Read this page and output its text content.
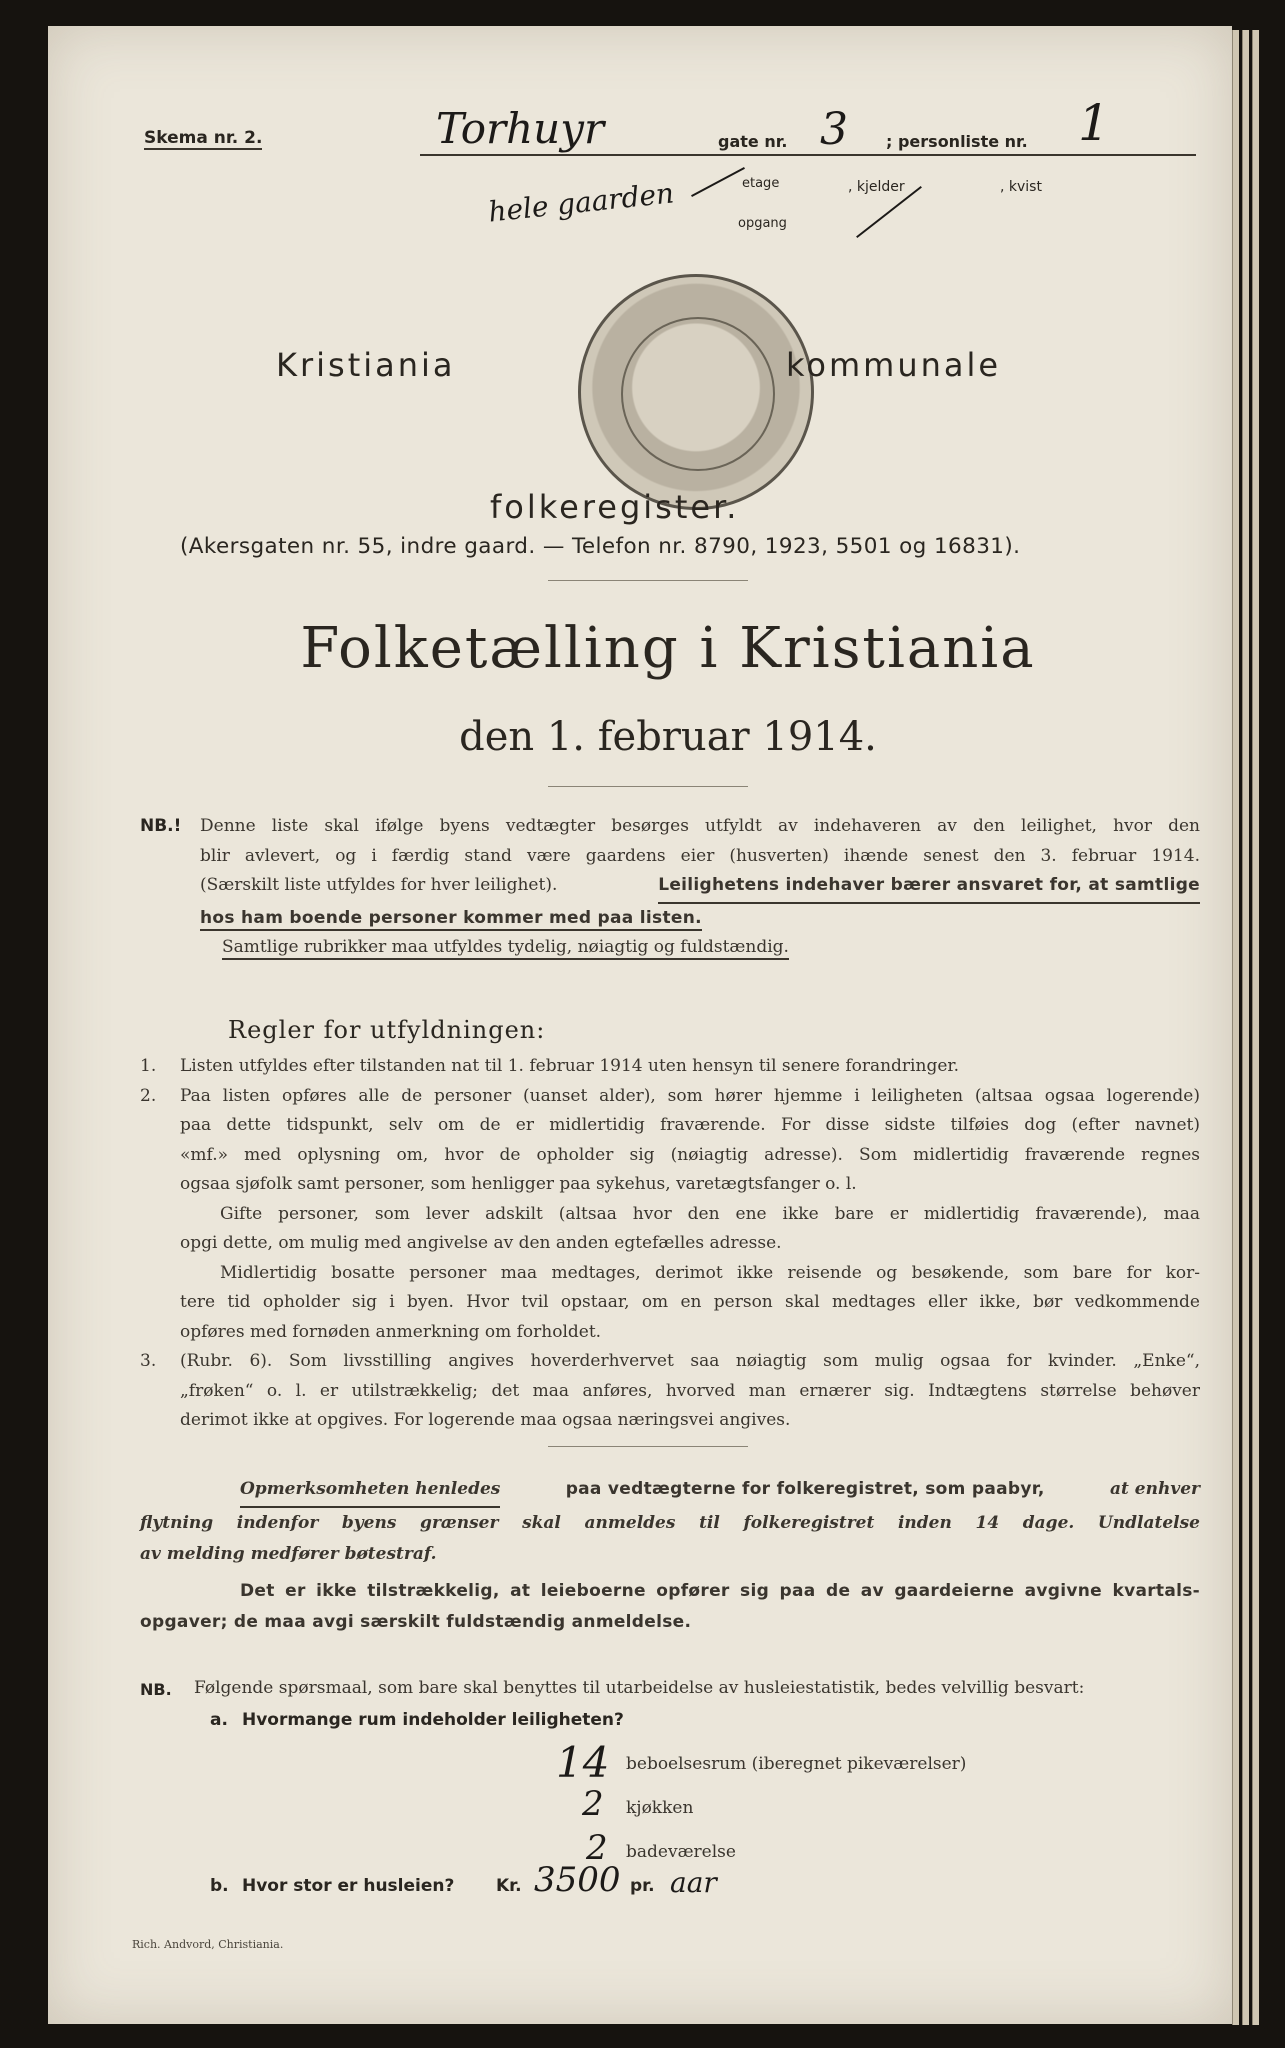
Skema nr. 2.	Torhuyr	gate nr. 3 ; personliste nr. 1
hele gaarden	etage
opgang
, kjelder	, kvist
Kristiania	kommunale
folkeregister.
(Akersgaten nr. 55, indre gaard. — Telefon nr. 8790, 1923, 5501 og 16831).
Folketælling i Kristiania
den 1. februar 1914.
NB.! Denne liste skal ifølge byens vedtægter besørges utfyldt av indehaveren av den leilighet, hvor den
blir avlevert, og i færdig stand være gaardens eier (husverten) ihænde senest den 3. februar 1914.
(Særskilt liste utfyldes for hver leilighet).	Leilighetens indehaver bærer ansvaret for, at samtlige
hos ham boende personer kommer med paa listen.
Samtlige rubrikker maa utfyldes tydelig, nøiagtig og fuldstændig.
Regler for utfyldningen:
1.	Listen utfyldes efter tilstanden nat til 1. februar 1914 uten hensyn til senere forandringer.
2.	Paa listen opføres alle de personer (uanset alder), som hører hjemme i leiligheten (altsaa ogsaa logerende)
paa dette tidspunkt, selv om de er midlertidig fraværende. For disse sidste tilføies dog (efter navnet)
«mf.» med oplysning om, hvor de opholder sig (nøiagtig adresse). Som midlertidig fraværende regnes
ogsaa sjøfolk samt personer, som henligger paa sykehus, varetægtsfanger o. l.
Gifte personer, som lever adskilt (altsaa hvor den ene ikke bare er midlertidig fraværende), maa
opgi dette, om mulig med angivelse av den anden egtefælles adresse.
Midlertidig bosatte personer maa medtages, derimot ikke reisende og besøkende, som bare for kor-
tere tid opholder sig i byen. Hvor tvil opstaar, om en person skal medtages eller ikke, bør vedkommende
opføres med fornøden anmerkning om forholdet.
3.	(Rubr. 6). Som livsstilling angives hoverderhvervet saa nøiagtig som mulig ogsaa for kvinder. „Enke“,
„frøken“ o. l. er utilstrækkelig; det maa anføres, hvorved man ernærer sig. Indtægtens størrelse behøver
derimot ikke at opgives. For logerende maa ogsaa næringsvei angives.
Opmerksomheten henledes	paa vedtægterne for folkeregistret, som paabyr,	at enhver
flytning indenfor byens grænser skal anmeldes til folkeregistret inden 14 dage. Undlatelse
av melding medfører bøtestraf.
Det er ikke tilstrækkelig, at leieboerne opfører sig paa de av gaardeierne avgivne kvartals-
opgaver; de maa avgi særskilt fuldstændig anmeldelse.
NB. Følgende spørsmaal, som bare skal benyttes til utarbeidelse av husleiestatistik, bedes velvillig besvart:
a. Hvormange rum indeholder leiligheten?
14 beboelsesrum (iberegnet pikeværelser)
2 kjøkken
2 badeværelse
b. Hvor stor er husleien? Kr. 3500 pr. aar
Rich. Andvord, Christiania.
